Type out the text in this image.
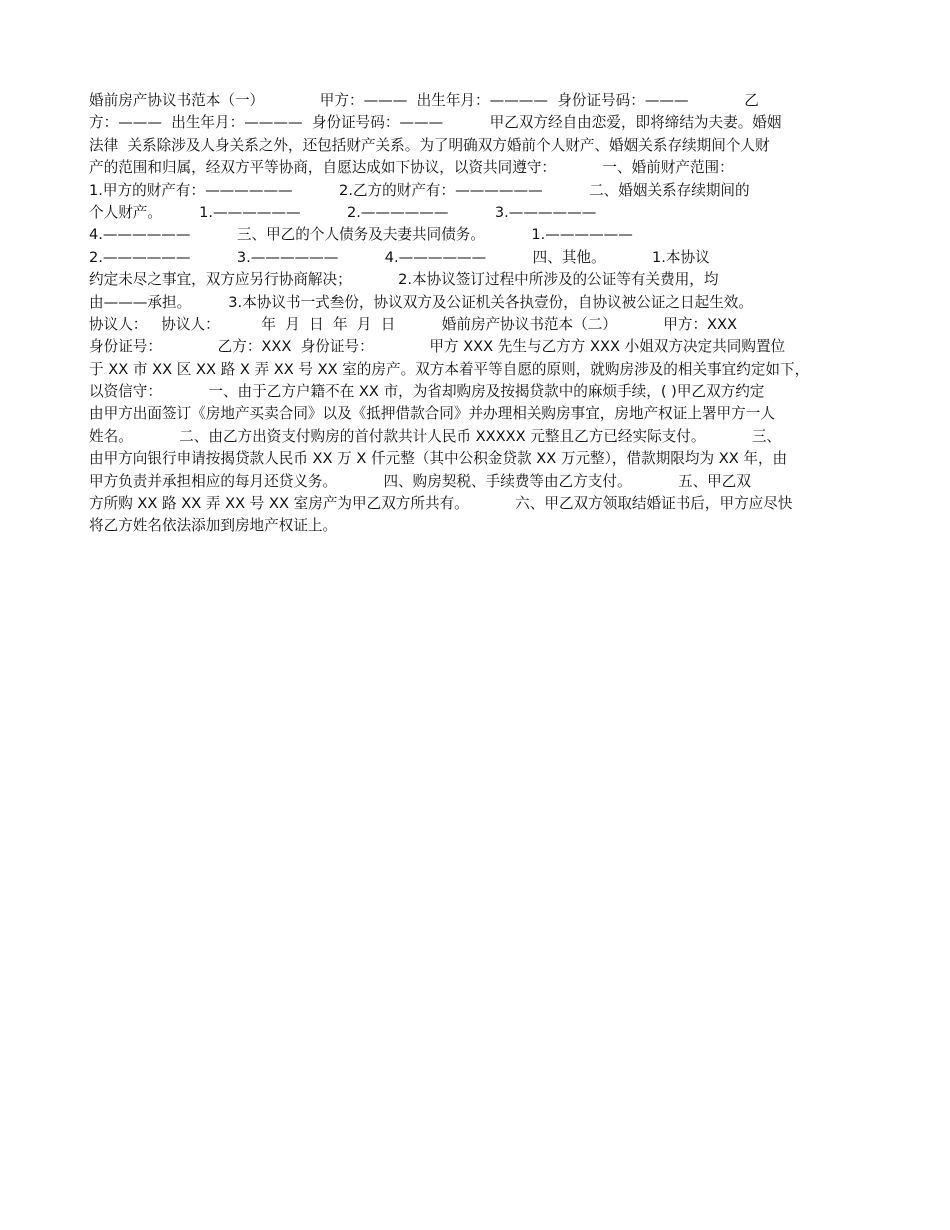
婚前房产协议书范本（一）            甲方：———  出生年月：————  身份证号码：———            乙
方：———  出生年月：————  身份证号码：———          甲乙双方经自由恋爱，即将缔结为夫妻。婚姻
法律  关系除涉及人身关系之外，还包括财产关系。为了明确双方婚前个人财产、婚姻关系存续期间个人财
产的范围和归属，经双方平等协商，自愿达成如下协议，以资共同遵守：          一、婚前财产范围：
1.甲方的财产有：——————          2.乙方的财产有：——————          二、婚姻关系存续期间的
个人财产。        1.——————          2.——————          3.——————
4.——————          三、甲乙的个人债务及夫妻共同债务。          1.——————
2.——————          3.——————          4.——————          四、其他。          1.本协议
约定未尽之事宜，双方应另行协商解决；          2.本协议签订过程中所涉及的公证等有关费用，均
由———承担。        3.本协议书一式叁份，协议双方及公证机关各执壹份，自协议被公证之日起生效。
协议人：   协议人：         年  月  日  年  月  日          婚前房产协议书范本（二）          甲方：XXX
身份证号：            乙方：XXX  身份证号：            甲方 XXX 先生与乙方方 XXX 小姐双方决定共同购置位
于 XX 市 XX 区 XX 路 X 弄 XX 号 XX 室的房产。双方本着平等自愿的原则，就购房涉及的相关事宜约定如下，
以资信守：          一、由于乙方户籍不在 XX 市，为省却购房及按揭贷款中的麻烦手续，( )甲乙双方约定
由甲方出面签订《房地产买卖合同》以及《抵押借款合同》并办理相关购房事宜，房地产权证上署甲方一人
姓名。          二、由乙方出资支付购房的首付款共计人民币 XXXXX 元整且乙方已经实际支付。          三、
由甲方向银行申请按揭贷款人民币 XX 万 X 仟元整（其中公积金贷款 XX 万元整），借款期限均为 XX 年，由
甲方负责并承担相应的每月还贷义务。          四、购房契税、手续费等由乙方支付。          五、甲乙双
方所购 XX 路 XX 弄 XX 号 XX 室房产为甲乙双方所共有。          六、甲乙双方领取结婚证书后，甲方应尽快
将乙方姓名依法添加到房地产权证上。
